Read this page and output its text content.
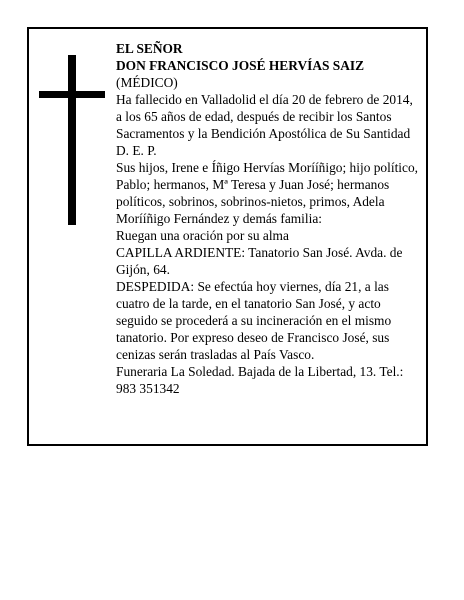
EL SEÑOR
DON FRANCISCO JOSÉ HERVÍAS SAIZ
(MÉDICO)
Ha fallecido en Valladolid el día 20 de febrero de 2014,
a los 65 años de edad, después de recibir los Santos
Sacramentos y la Bendición Apostólica de Su Santidad
D. E. P.
Sus hijos, Irene e Íñigo Hervías Morííñigo; hijo político,
Pablo; hermanos, Mª Teresa y Juan José; hermanos
políticos, sobrinos, sobrinos-nietos, primos, Adela
Morííñigo Fernández y demás familia:
Ruegan una oración por su alma
CAPILLA ARDIENTE: Tanatorio San José. Avda. de
Gijón, 64.
DESPEDIDA: Se efectúa hoy viernes, día 21, a las
cuatro de la tarde, en el tanatorio San José, y acto
seguido se procederá a su incineración en el mismo
tanatorio. Por expreso deseo de Francisco José, sus
cenizas serán trasladas al País Vasco.
Funeraria La Soledad. Bajada de la Libertad, 13. Tel.:
983 351342
